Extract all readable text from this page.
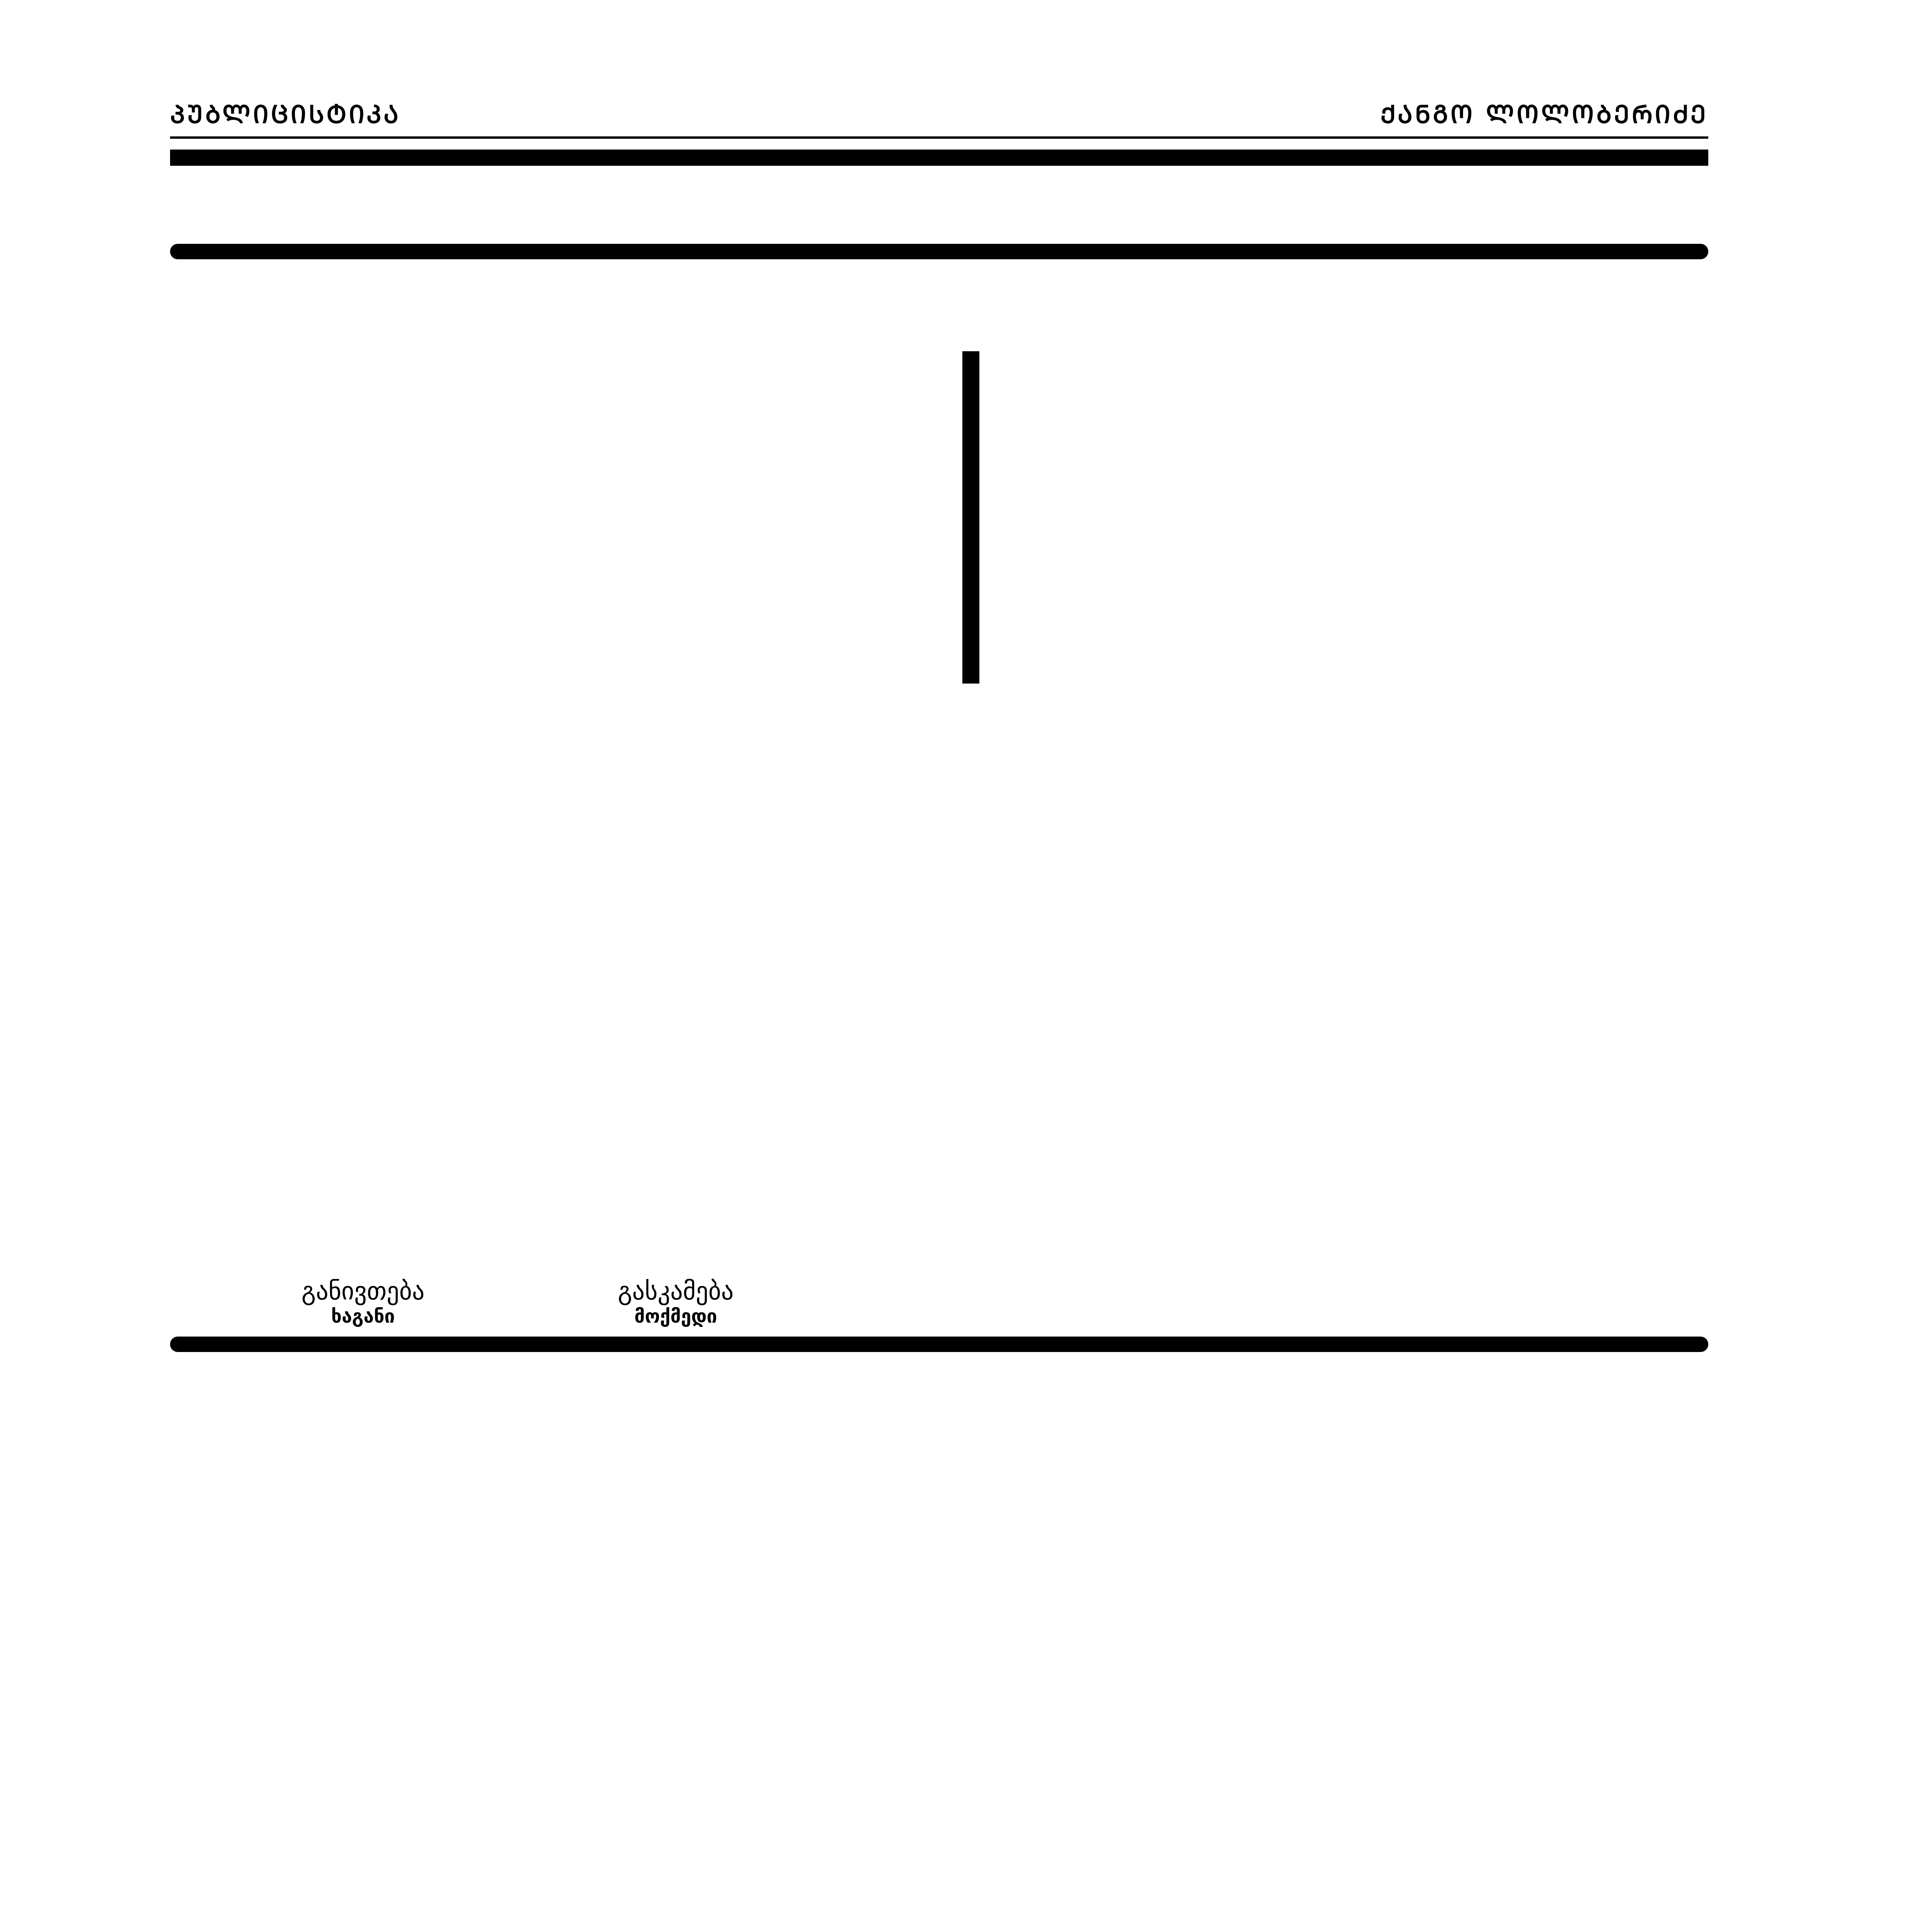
ᲞᲣᲑᲚᲘᲪᲘᲡᲢᲘᲙᲐ	ᲥᲐᲜᲒᲝ ᲚᲝᲚᲝᲑᲔᲠᲘᲫᲔ

განივთება
ხაგანი
გასკამება
მოქმედი
